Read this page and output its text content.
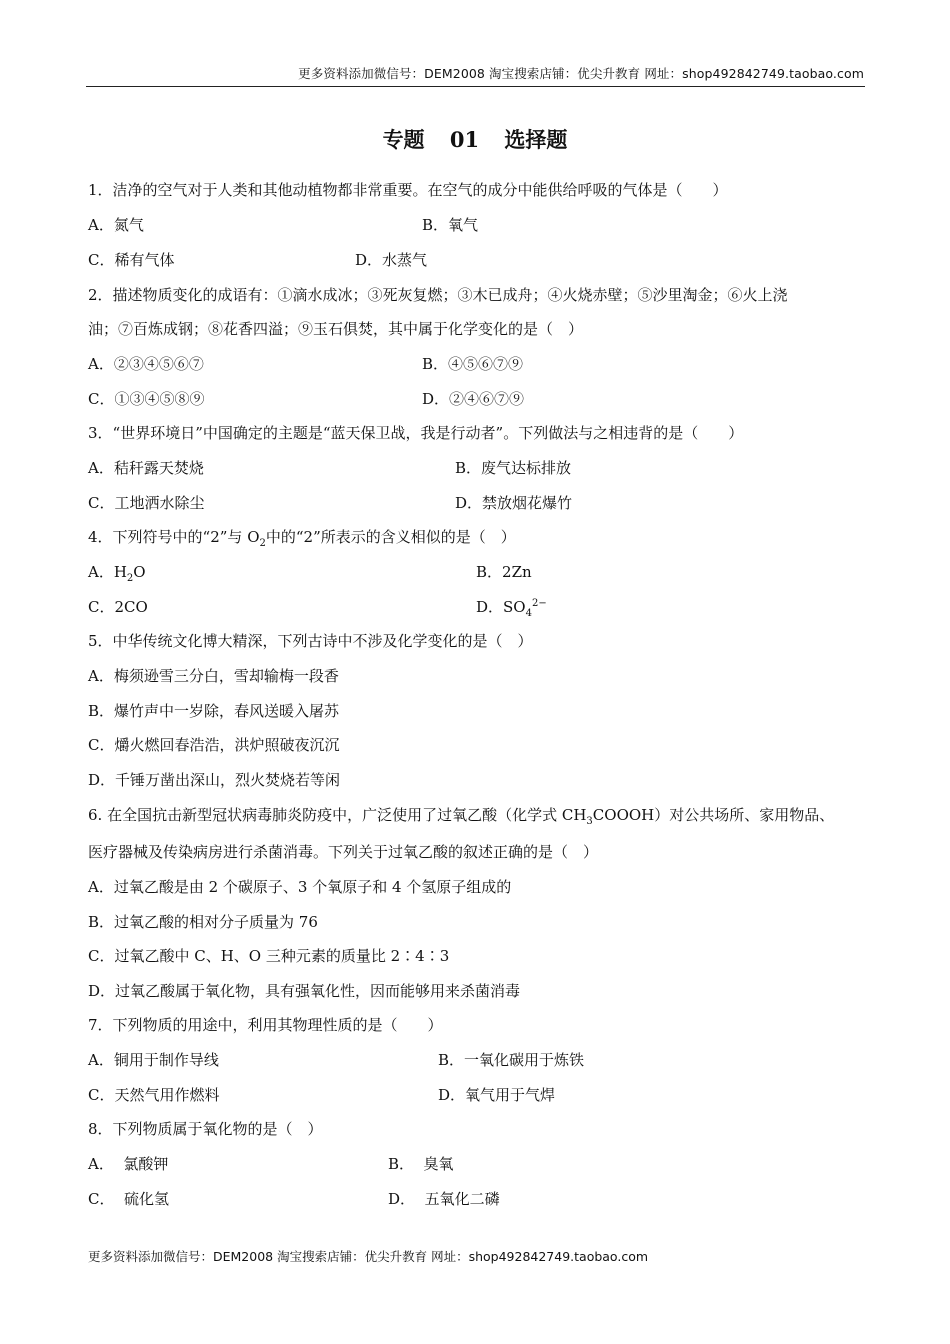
更多资料添加微信号：DEM2008 淘宝搜索店铺：优尖升教育 网址：shop492842749.taobao.com
专题 01 选择题
1．洁净的空气对于人类和其他动植物都非常重要。在空气的成分中能供给呼吸的气体是（　　）
A．氮气	B．氧气
C．稀有气体	D．水蒸气
2．描述物质变化的成语有：①滴水成冰；③死灰复燃；③木已成舟；④火烧赤壁；⑤沙里淘金；⑥火上浇
油；⑦百炼成钢；⑧花香四溢；⑨玉石俱焚，其中属于化学变化的是（　）
A．②③④⑤⑥⑦	B．④⑤⑥⑦⑨
C．①③④⑤⑧⑨	D．②④⑥⑦⑨
3．“世界环境日”中国确定的主题是“蓝天保卫战，我是行动者”。下列做法与之相违背的是（　　）
A．秸秆露天焚烧	B．废气达标排放
C．工地洒水除尘	D．禁放烟花爆竹
4．下列符号中的“2”与 $O_2$中的“2”所表示的含义相似的是（　）
A．$H_2O$	B．2Zn
C．2CO	D．$SO_4^{2-}$
5．中华传统文化博大精深，下列古诗中不涉及化学变化的是（　）
A．梅须逊雪三分白，雪却输梅一段香
B．爆竹声中一岁除，春风送暖入屠苏
C．爝火燃回春浩浩，洪炉照破夜沉沉
D．千锤万凿出深山，烈火焚烧若等闲
6. 在全国抗击新型冠状病毒肺炎防疫中，广泛使用了过氧乙酸（化学式 $CH_3COOOH$）对公共场所、家用物品、
医疗器械及传染病房进行杀菌消毒。下列关于过氧乙酸的叙述正确的是（　）
A．过氧乙酸是由 2 个碳原子、3 个氧原子和 4 个氢原子组成的
B．过氧乙酸的相对分子质量为 76
C．过氧乙酸中 C、H、O 三种元素的质量比 2∶4∶3
D．过氧乙酸属于氧化物，具有强氧化性，因而能够用来杀菌消毒
7．下列物质的用途中，利用其物理性质的是（　　）
A．铜用于制作导线	B．一氧化碳用于炼铁
C．天然气用作燃料	D．氧气用于气焊
8．下列物质属于氧化物的是（　）
A．  氯酸钾	B．  臭氧
C．  硫化氢	D．  五氧化二磷
更多资料添加微信号：DEM2008 淘宝搜索店铺：优尖升教育 网址：shop492842749.taobao.com
